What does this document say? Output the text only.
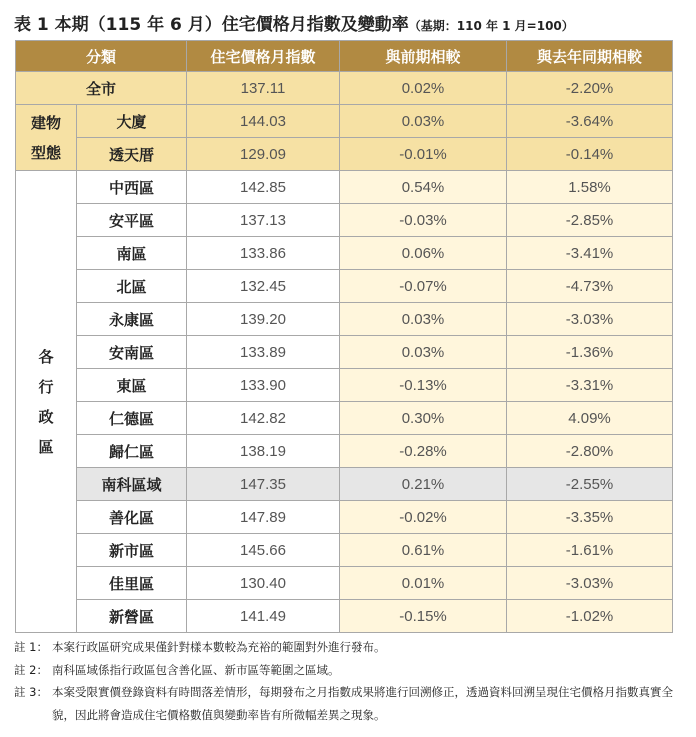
表 1 本期（115 年 6 月）住宅價格月指數及變動率（基期：110 年 1 月=100）
分類		住宅價格月指數	與前期相較	與去年同期相較
全市		137.11	0.02%	-2.20%

建物
型態	大廈	144.03	0.03%	-3.64%
	透天厝	129.09	-0.01%	-0.14%

各
行
政
區	中西區	142.85	0.54%	1.58%
	安平區	137.13	-0.03%	-2.85%
	南區	133.86	0.06%	-3.41%
	北區	132.45	-0.07%	-4.73%
	永康區	139.20	0.03%	-3.03%
	安南區	133.89	0.03%	-1.36%
	東區	133.90	-0.13%	-3.31%
	仁德區	142.82	0.30%	4.09%
	歸仁區	138.19	-0.28%	-2.80%
	南科區域	147.35	0.21%	-2.55%
	善化區	147.89	-0.02%	-3.35%
	新市區	145.66	0.61%	-1.61%
	佳里區	130.40	0.01%	-3.03%
	新營區	141.49	-0.15%	-1.02%
註 1： 本案行政區研究成果僅針對樣本數較為充裕的範圍對外進行發布。
註 2： 南科區域係指行政區包含善化區、新市區等範圍之區域。
註 3： 本案受限實價登錄資料有時間落差情形，每期發布之月指數成果將進行回溯修正，透過資料回溯呈現住宅價格月指數真實全貌，因此將會造成住宅價格數值與變動率皆有所微幅差異之現象。
